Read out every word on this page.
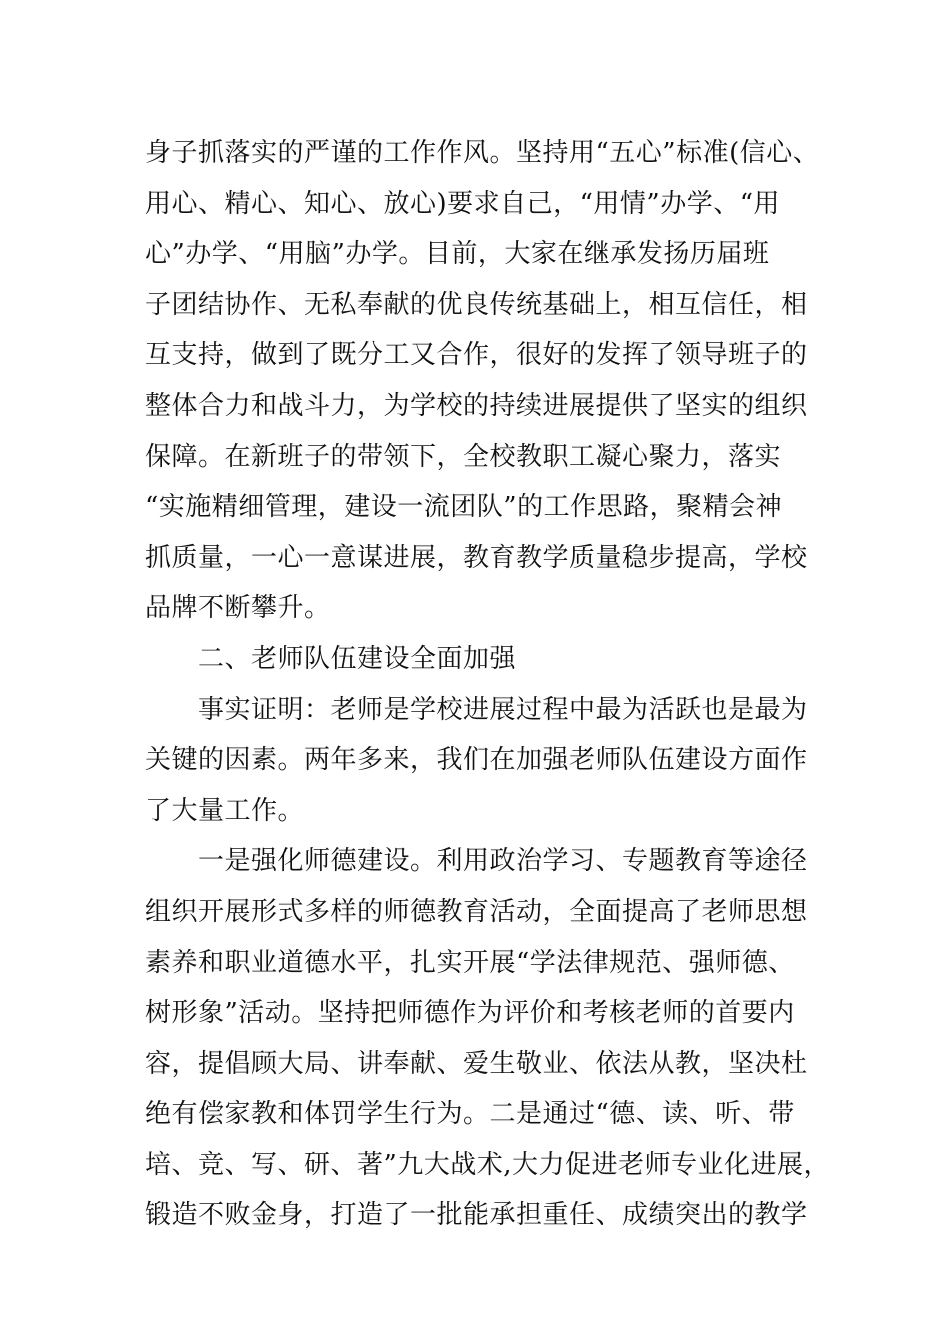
身子抓落实的严谨的工作作风。坚持用“五心”标准(信心、
用心、精心、知心、放心)要求自己，“用情”办学、“用
心”办学、“用脑”办学。目前，大家在继承发扬历届班
子团结协作、无私奉献的优良传统基础上，相互信任，相
互支持，做到了既分工又合作，很好的发挥了领导班子的
整体合力和战斗力，为学校的持续进展提供了坚实的组织
保障。在新班子的带领下，全校教职工凝心聚力，落实
“实施精细管理，建设一流团队”的工作思路，聚精会神
抓质量，一心一意谋进展，教育教学质量稳步提高，学校
品牌不断攀升。
二、老师队伍建设全面加强
事实证明：老师是学校进展过程中最为活跃也是最为
关键的因素。两年多来，我们在加强老师队伍建设方面作
了大量工作。
一是强化师德建设。利用政治学习、专题教育等途径
组织开展形式多样的师德教育活动，全面提高了老师思想
素养和职业道德水平，扎实开展“学法律规范、强师德、
树形象”活动。坚持把师德作为评价和考核老师的首要内
容，提倡顾大局、讲奉献、爱生敬业、依法从教，坚决杜
绝有偿家教和体罚学生行为。二是通过“德、读、听、带
培、竞、写、研、著”九大战术,大力促进老师专业化进展，
锻造不败金身，打造了一批能承担重任、成绩突出的教学
